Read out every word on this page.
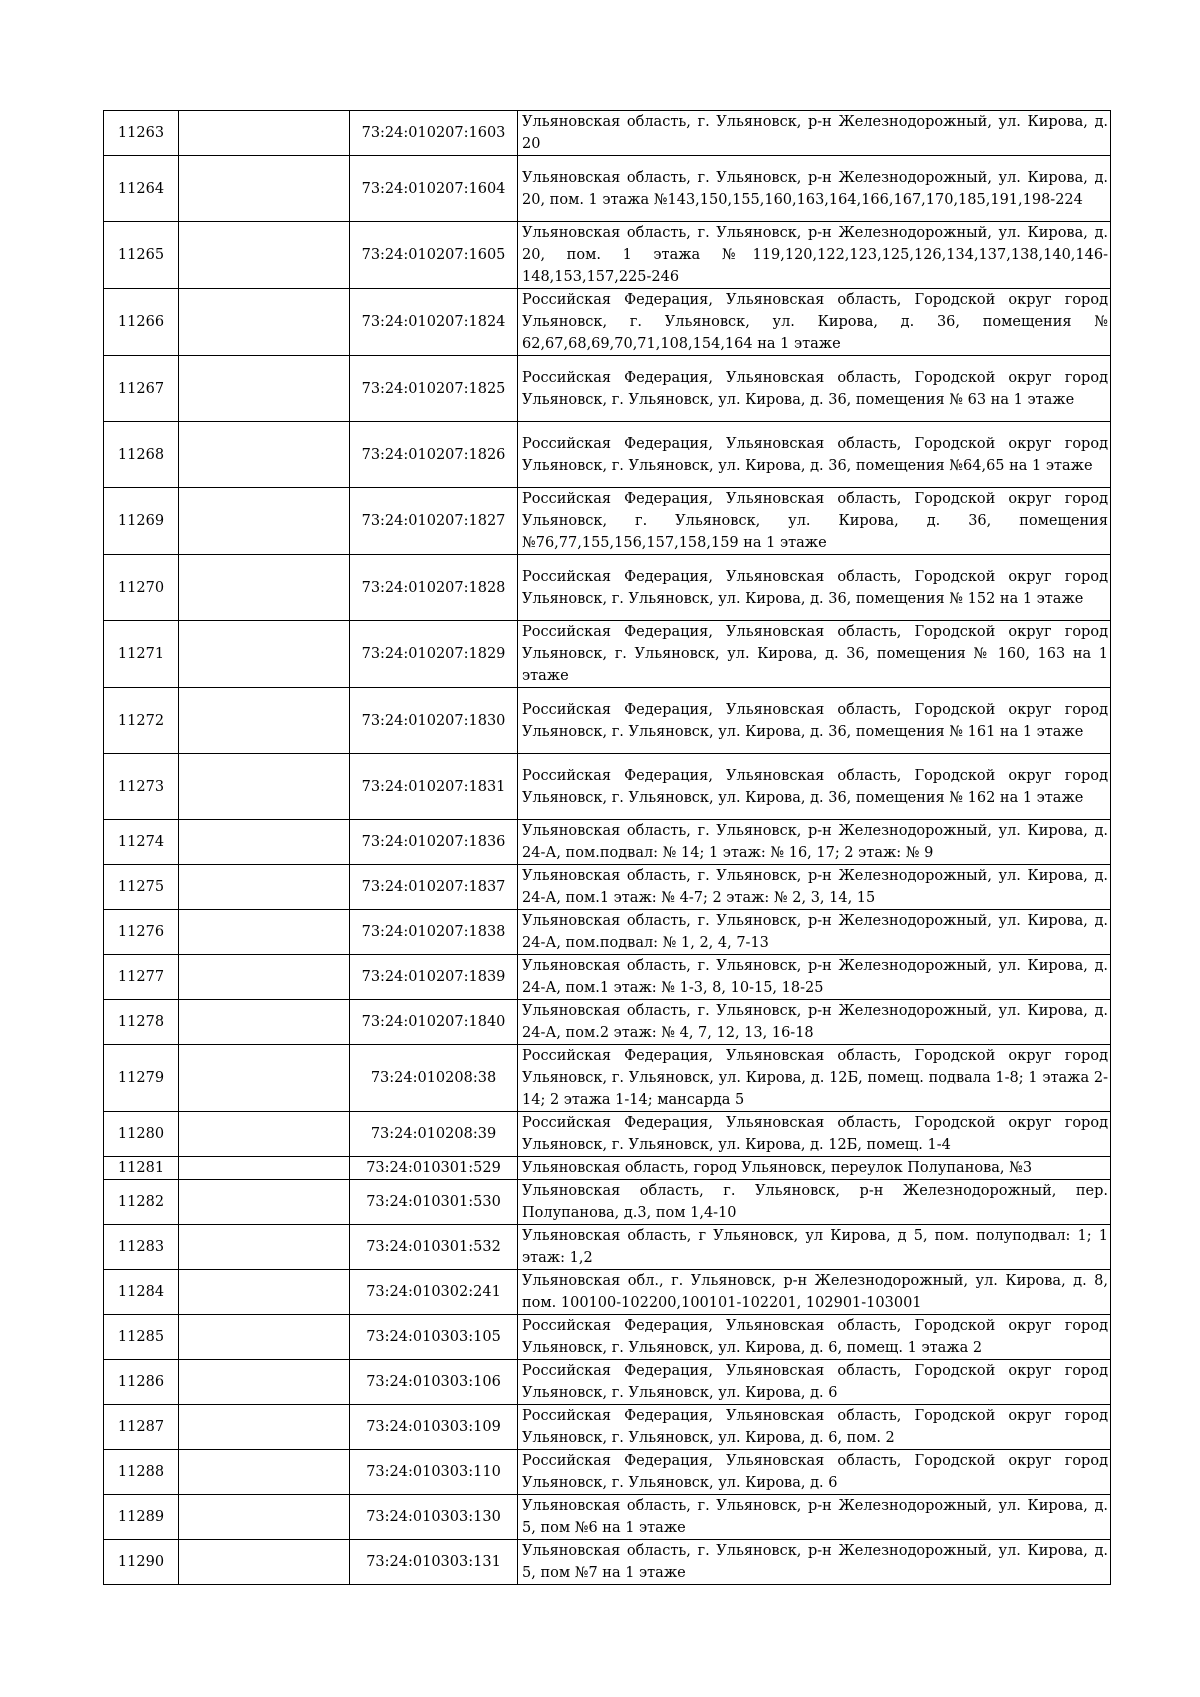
11263		73:24:010207:1603	Ульяновская область, г. Ульяновск, р-н Железнодорожный, ул. Кирова, д. 20
11264		73:24:010207:1604	Ульяновская область, г. Ульяновск, р-н Железнодорожный, ул. Кирова, д. 20, пом. 1 этажа №143,150,155,160,163,164,166,167,170,185,191,198-224
11265		73:24:010207:1605	Ульяновская область, г. Ульяновск, р-н Железнодорожный, ул. Кирова, д. 20, пом. 1 этажа №119,120,122,123,125,126,134,137,138,140,146-148,153,157,225-246
11266		73:24:010207:1824	Российская Федерация, Ульяновская область, Городской округ город Ульяновск, г. Ульяновск, ул. Кирова, д. 36, помещения № 62,67,68,69,70,71,108,154,164 на 1 этаже
11267		73:24:010207:1825	Российская Федерация, Ульяновская область, Городской округ город Ульяновск, г. Ульяновск, ул. Кирова, д. 36, помещения № 63 на 1 этаже
11268		73:24:010207:1826	Российская Федерация, Ульяновская область, Городской округ город Ульяновск, г. Ульяновск, ул. Кирова, д. 36, помещения №64,65 на 1 этаже
11269		73:24:010207:1827	Российская Федерация, Ульяновская область, Городской округ город Ульяновск, г. Ульяновск, ул. Кирова, д. 36, помещения №76,77,155,156,157,158,159 на 1 этаже
11270		73:24:010207:1828	Российская Федерация, Ульяновская область, Городской округ город Ульяновск, г. Ульяновск, ул. Кирова, д. 36, помещения № 152 на 1 этаже
11271		73:24:010207:1829	Российская Федерация, Ульяновская область, Городской округ город Ульяновск, г. Ульяновск, ул. Кирова, д. 36, помещения № 160, 163 на 1 этаже
11272		73:24:010207:1830	Российская Федерация, Ульяновская область, Городской округ город Ульяновск, г. Ульяновск, ул. Кирова, д. 36, помещения № 161 на 1 этаже
11273		73:24:010207:1831	Российская Федерация, Ульяновская область, Городской округ город Ульяновск, г. Ульяновск, ул. Кирова, д. 36, помещения № 162 на 1 этаже
11274		73:24:010207:1836	Ульяновская область, г. Ульяновск, р-н Железнодорожный, ул. Кирова, д. 24-А, пом.подвал: № 14; 1 этаж: № 16, 17; 2 этаж: № 9
11275		73:24:010207:1837	Ульяновская область, г. Ульяновск, р-н Железнодорожный, ул. Кирова, д. 24-А, пом.1 этаж: № 4-7; 2 этаж: № 2, 3, 14, 15
11276		73:24:010207:1838	Ульяновская область, г. Ульяновск, р-н Железнодорожный, ул. Кирова, д. 24-А, пом.подвал: № 1, 2, 4, 7-13
11277		73:24:010207:1839	Ульяновская область, г. Ульяновск, р-н Железнодорожный, ул. Кирова, д. 24-А, пом.1 этаж: № 1-3, 8, 10-15, 18-25
11278		73:24:010207:1840	Ульяновская область, г. Ульяновск, р-н Железнодорожный, ул. Кирова, д. 24-А, пом.2 этаж: № 4, 7, 12, 13, 16-18
11279		73:24:010208:38	Российская Федерация, Ульяновская область, Городской округ город Ульяновск, г. Ульяновск, ул. Кирова, д. 12Б, помещ. подвала 1-8; 1 этажа 2-14; 2 этажа 1-14; мансарда 5
11280		73:24:010208:39	Российская Федерация, Ульяновская область, Городской округ город Ульяновск, г. Ульяновск, ул. Кирова, д. 12Б, помещ. 1-4
11281		73:24:010301:529	Ульяновская область, город Ульяновск, переулок Полупанова, №3
11282		73:24:010301:530	Ульяновская область, г. Ульяновск, р-н Железнодорожный, пер. Полупанова, д.3, пом 1,4-10
11283		73:24:010301:532	Ульяновская область, г Ульяновск, ул Кирова, д 5, пом. полуподвал: 1; 1 этаж: 1,2
11284		73:24:010302:241	Ульяновская обл., г. Ульяновск, р-н Железнодорожный, ул. Кирова, д. 8, пом. 100100-102200,100101-102201, 102901-103001
11285		73:24:010303:105	Российская Федерация, Ульяновская область, Городской округ город Ульяновск, г. Ульяновск, ул. Кирова, д. 6, помещ. 1 этажа 2
11286		73:24:010303:106	Российская Федерация, Ульяновская область, Городской округ город Ульяновск, г. Ульяновск, ул. Кирова, д. 6
11287		73:24:010303:109	Российская Федерация, Ульяновская область, Городской округ город Ульяновск, г. Ульяновск, ул. Кирова, д. 6, пом. 2
11288		73:24:010303:110	Российская Федерация, Ульяновская область, Городской округ город Ульяновск, г. Ульяновск, ул. Кирова, д. 6
11289		73:24:010303:130	Ульяновская область, г. Ульяновск, р-н Железнодорожный, ул. Кирова, д. 5, пом №6 на 1 этаже
11290		73:24:010303:131	Ульяновская область, г. Ульяновск, р-н Железнодорожный, ул. Кирова, д. 5, пом №7 на 1 этаже
